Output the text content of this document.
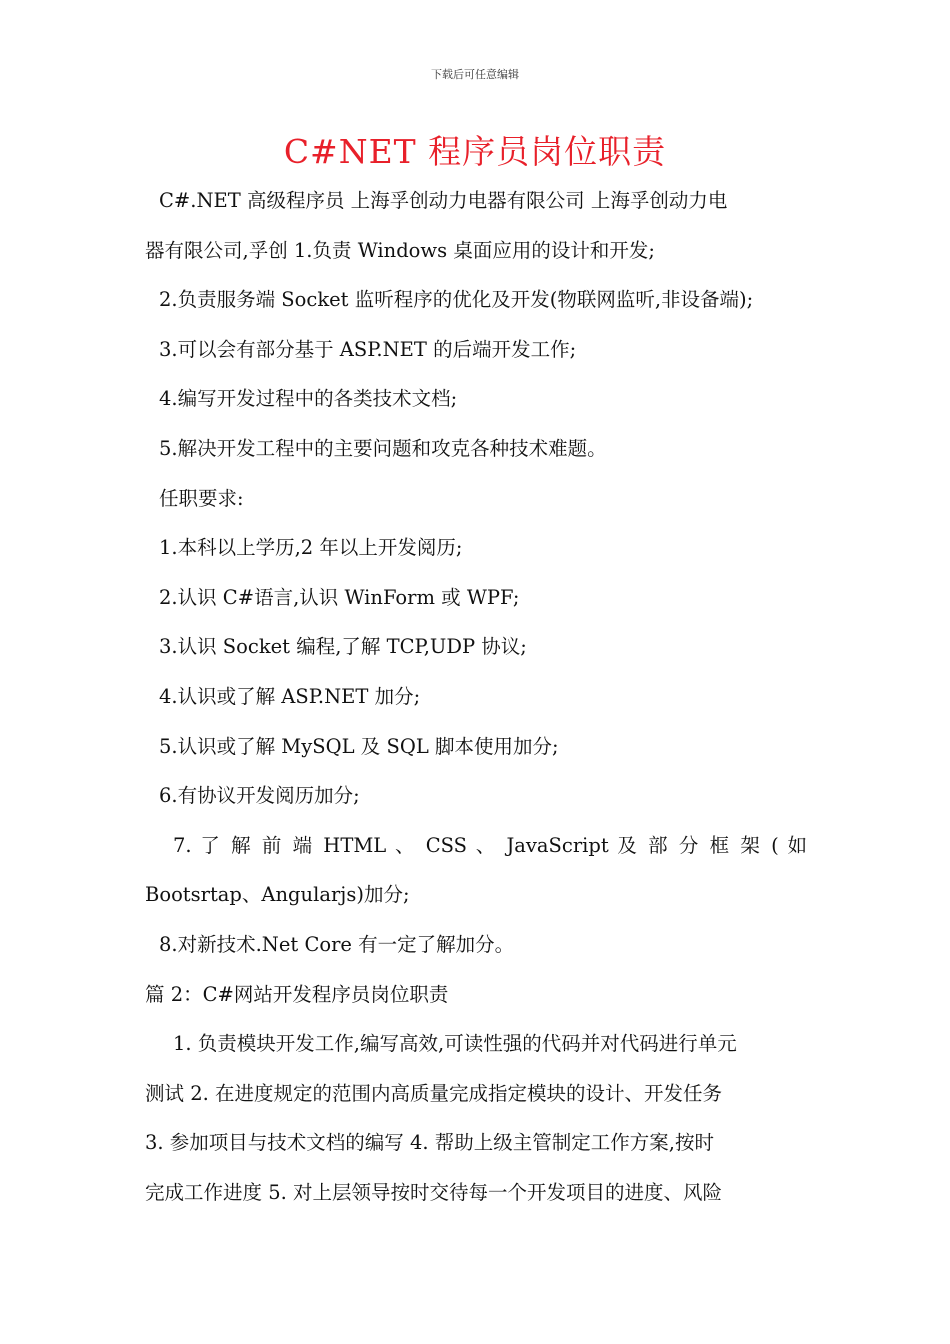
下载后可任意编辑
C#NET 程序员岗位职责

C#.NET 高级程序员 上海孚创动力电器有限公司 上海孚创动力电

器有限公司,孚创 1.负责 Windows 桌面应用的设计和开发;

2.负责服务端 Socket 监听程序的优化及开发(物联网监听,非设备端);

3.可以会有部分基于 ASP.NET 的后端开发工作;

4.编写开发过程中的各类技术文档;

5.解决开发工程中的主要问题和攻克各种技术难题。

任职要求:

1.本科以上学历,2 年以上开发阅历;

2.认识 C#语言,认识 WinForm 或 WPF;

3.认识 Socket 编程,了解 TCP,UDP 协议;

4.认识或了解 ASP.NET 加分;

5.认识或了解 MySQL 及 SQL 脚本使用加分;

6.有协议开发阅历加分;

7. 了 解 前 端 HTML 、 CSS 、 JavaScript 及 部 分 框 架 ( 如

Bootsrtap、Angularjs)加分;

8.对新技术.Net Core 有一定了解加分。

篇 2：C#网站开发程序员岗位职责

1. 负责模块开发工作,编写高效,可读性强的代码并对代码进行单元

测试 2. 在进度规定的范围内高质量完成指定模块的设计、开发任务

3. 参加项目与技术文档的编写 4. 帮助上级主管制定工作方案,按时

完成工作进度 5. 对上层领导按时交待每一个开发项目的进度、风险
